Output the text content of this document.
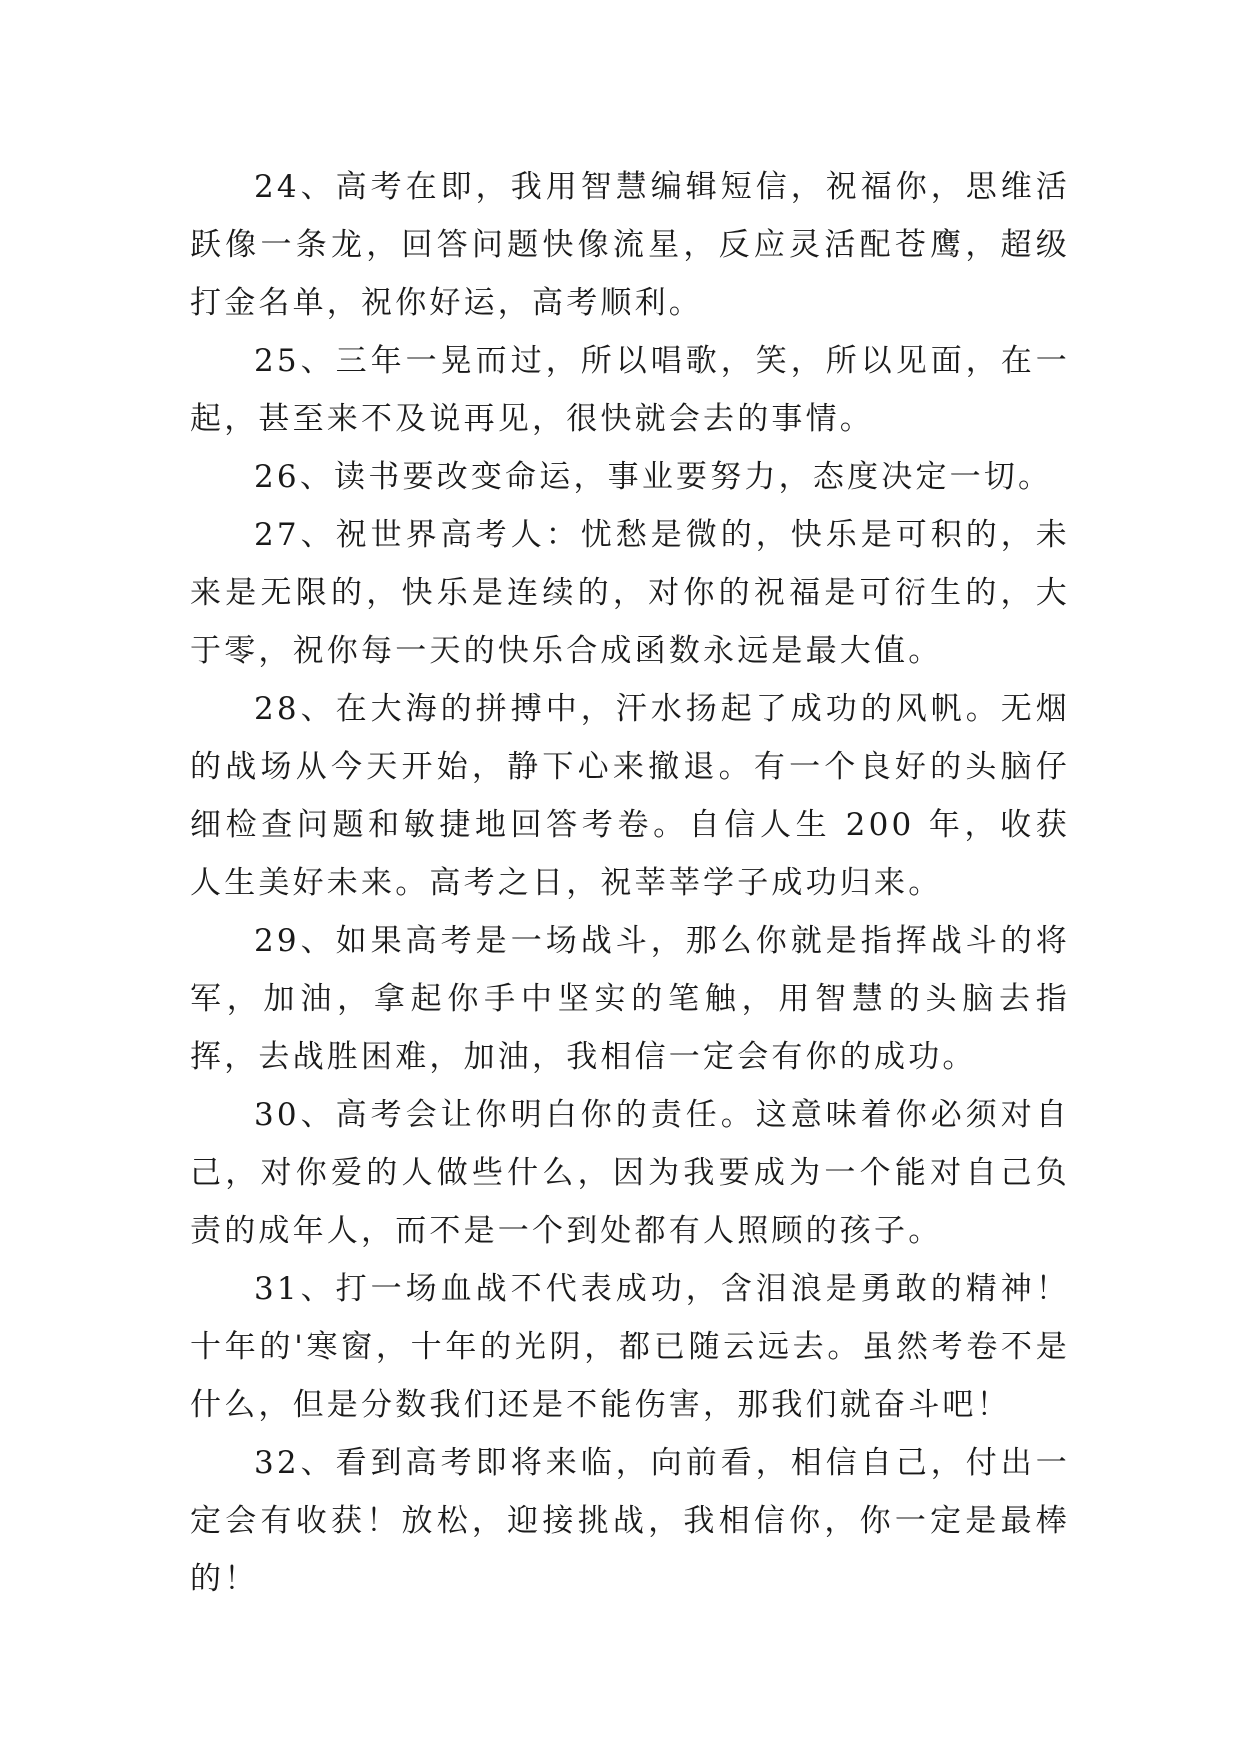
24、高考在即，我用智慧编辑短信，祝福你，思维活跃像一条龙，回答问题快像流星，反应灵活配苍鹰，超级打金名单，祝你好运，高考顺利。

25、三年一晃而过，所以唱歌，笑，所以见面，在一起，甚至来不及说再见，很快就会去的事情。

26、读书要改变命运，事业要努力，态度决定一切。

27、祝世界高考人：忧愁是微的，快乐是可积的，未来是无限的，快乐是连续的，对你的祝福是可衍生的，大于零，祝你每一天的快乐合成函数永远是最大值。

28、在大海的拼搏中，汗水扬起了成功的风帆。无烟的战场从今天开始，静下心来撤退。有一个良好的头脑仔细检查问题和敏捷地回答考卷。自信人生 200 年，收获人生美好未来。高考之日，祝莘莘学子成功归来。

29、如果高考是一场战斗，那么你就是指挥战斗的将军，加油，拿起你手中坚实的笔触，用智慧的头脑去指挥，去战胜困难，加油，我相信一定会有你的成功。

30、高考会让你明白你的责任。这意味着你必须对自己，对你爱的人做些什么，因为我要成为一个能对自己负责的成年人，而不是一个到处都有人照顾的孩子。

31、打一场血战不代表成功，含泪浪是勇敢的精神！十年的'寒窗，十年的光阴，都已随云远去。虽然考卷不是什么，但是分数我们还是不能伤害，那我们就奋斗吧！

32、看到高考即将来临，向前看，相信自己，付出一定会有收获！放松，迎接挑战，我相信你，你一定是最棒的！
